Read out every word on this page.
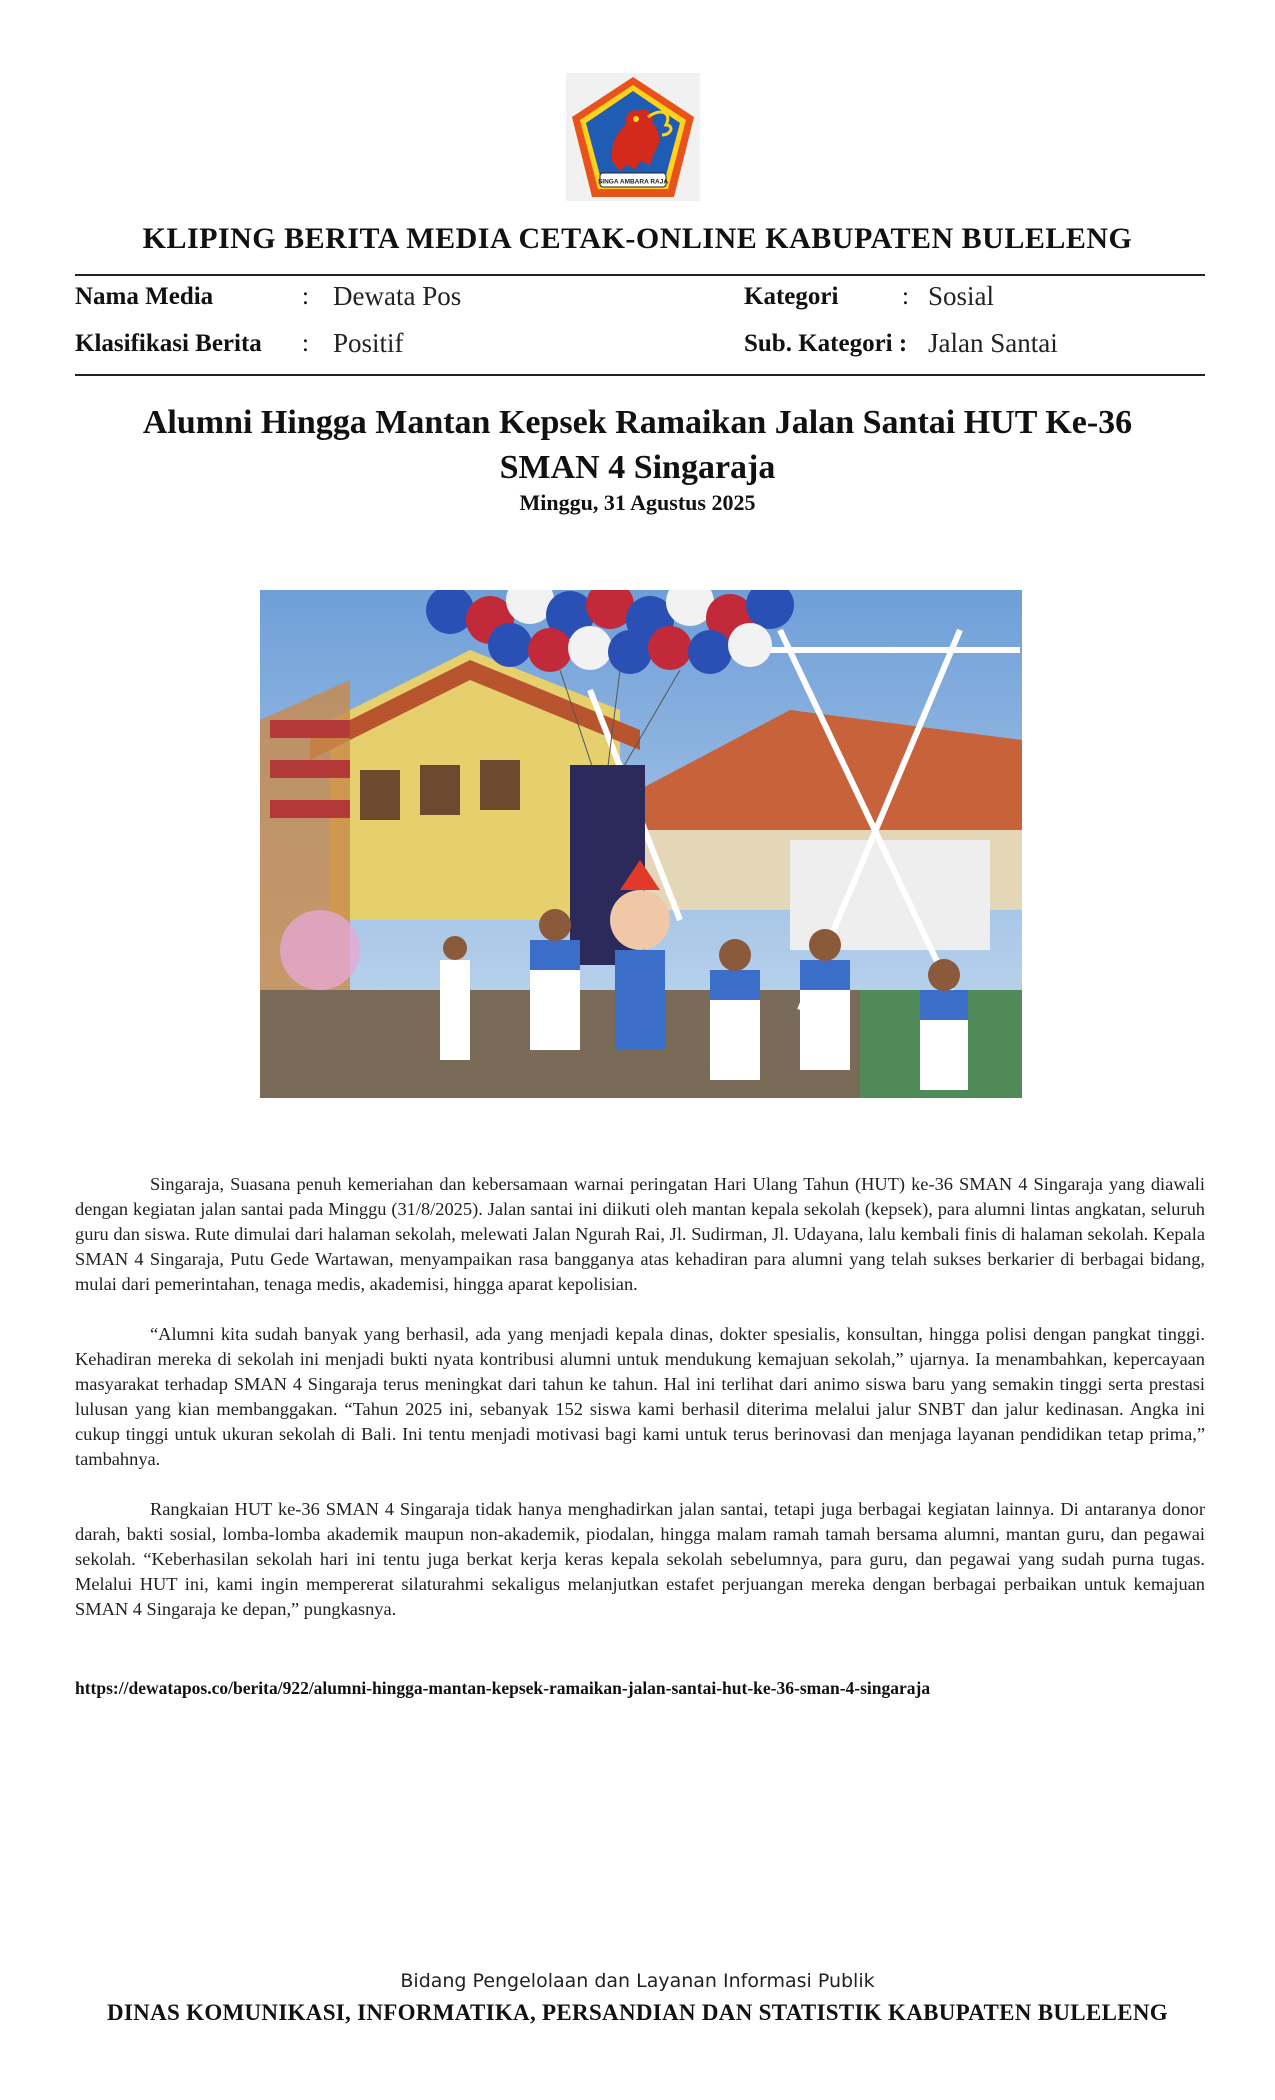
SINGA AMBARA RAJA
KLIPING BERITA MEDIA CETAK-ONLINE KABUPATEN BULELENG
Nama Media	: Dewata Pos	Kategori	: Sosial
Klasifikasi Berita : Positif	Sub. Kategori : Jalan Santai
Alumni Hingga Mantan Kepsek Ramaikan Jalan Santai HUT Ke-36
SMAN 4 Singaraja
Minggu, 31 Agustus 2025

Singaraja, Suasana penuh kemeriahan dan kebersamaan warnai peringatan Hari Ulang Tahun (HUT) ke-36 SMAN 4 Singaraja yang diawali dengan kegiatan jalan santai pada Minggu (31/8/2025). Jalan santai ini diikuti oleh mantan kepala sekolah (kepsek), para alumni lintas angkatan, seluruh guru dan siswa. Rute dimulai dari halaman sekolah, melewati Jalan Ngurah Rai, Jl. Sudirman, Jl. Udayana, lalu kembali finis di halaman sekolah. Kepala SMAN 4 Singaraja, Putu Gede Wartawan, menyampaikan rasa bangganya atas kehadiran para alumni yang telah sukses berkarier di berbagai bidang, mulai dari pemerintahan, tenaga medis, akademisi, hingga aparat kepolisian.

“Alumni kita sudah banyak yang berhasil, ada yang menjadi kepala dinas, dokter spesialis, konsultan, hingga polisi dengan pangkat tinggi. Kehadiran mereka di sekolah ini menjadi bukti nyata kontribusi alumni untuk mendukung kemajuan sekolah,” ujarnya. Ia menambahkan, kepercayaan masyarakat terhadap SMAN 4 Singaraja terus meningkat dari tahun ke tahun. Hal ini terlihat dari animo siswa baru yang semakin tinggi serta prestasi lulusan yang kian membanggakan. “Tahun 2025 ini, sebanyak 152 siswa kami berhasil diterima melalui jalur SNBT dan jalur kedinasan. Angka ini cukup tinggi untuk ukuran sekolah di Bali. Ini tentu menjadi motivasi bagi kami untuk terus berinovasi dan menjaga layanan pendidikan tetap prima,” tambahnya.

Rangkaian HUT ke-36 SMAN 4 Singaraja tidak hanya menghadirkan jalan santai, tetapi juga berbagai kegiatan lainnya. Di antaranya donor darah, bakti sosial, lomba-lomba akademik maupun non-akademik, piodalan, hingga malam ramah tamah bersama alumni, mantan guru, dan pegawai sekolah. “Keberhasilan sekolah hari ini tentu juga berkat kerja keras kepala sekolah sebelumnya, para guru, dan pegawai yang sudah purna tugas. Melalui HUT ini, kami ingin mempererat silaturahmi sekaligus melanjutkan estafet perjuangan mereka dengan berbagai perbaikan untuk kemajuan SMAN 4 Singaraja ke depan,” pungkasnya.

https://dewatapos.co/berita/922/alumni-hingga-mantan-kepsek-ramaikan-jalan-santai-hut-ke-36-sman-4-singaraja
Bidang Pengelolaan dan Layanan Informasi Publik
DINAS KOMUNIKASI, INFORMATIKA, PERSANDIAN DAN STATISTIK KABUPATEN BULELENG
